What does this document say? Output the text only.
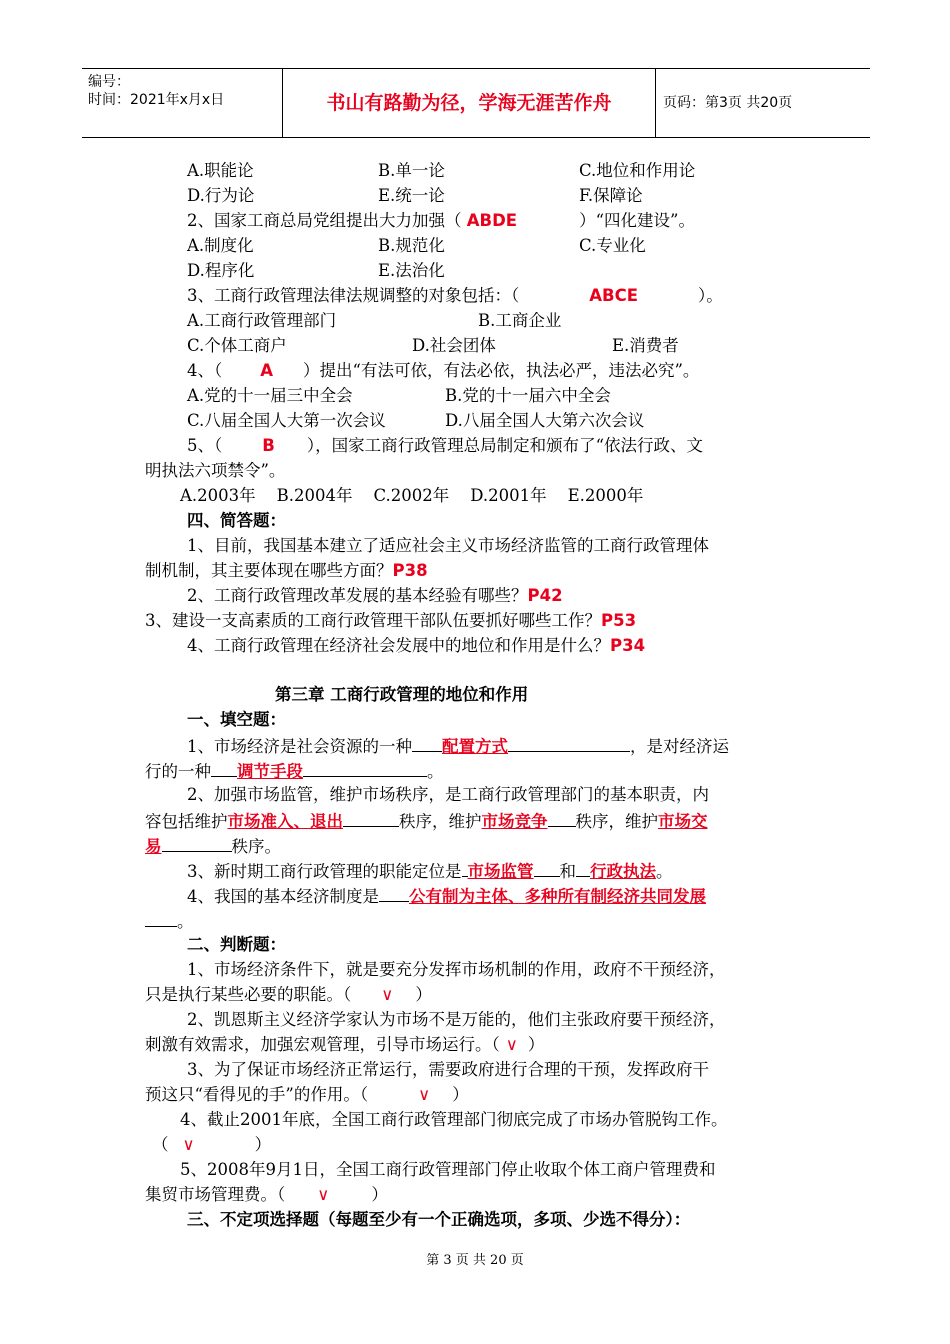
编号：
时间：2021年x月x日	书山有路勤为径，学海无涯苦作舟	页码：第3页 共20页
A.职能论	B.单一论	C.地位和作用论
D.行为论	E.统一论	F.保障论
2、国家工商总局党组提出大力加强（ ABDE	）“四化建设”。
A.制度化	B.规范化	C.专业化
D.程序化	E.法治化
3、工商行政管理法律法规调整的对象包括：（	ABCE	）。
A.工商行政管理部门	B.工商企业
C.个体工商户	D.社会团体	E.消费者
4、（ A ）提出“有法可依，有法必依，执法必严，违法必究”。
A.党的十一届三中全会	B.党的十一届六中全会
C.八届全国人大第一次会议	D.八届全国人大第六次会议
5、（ B ），国家工商行政管理总局制定和颁布了“依法行政、文
明执法六项禁令”。
A.2003年    B.2004年    C.2002年    D.2001年    E.2000年
四、简答题：
1、目前，我国基本建立了适应社会主义市场经济监管的工商行政管理体
制机制，其主要体现在哪些方面？P38
2、工商行政管理改革发展的基本经验有哪些？P42
3、建设一支高素质的工商行政管理干部队伍要抓好哪些工作？P53
4、工商行政管理在经济社会发展中的地位和作用是什么？P34
第三章 工商行政管理的地位和作用
一、填空题：
1、市场经济是社会资源的一种 配置方式	，是对经济运
行的一种 调节手段	。
2、加强市场监管，维护市场秩序，是工商行政管理部门的基本职责，内
容包括维护市场准入、退出	秩序，维护市场竞争 秩序，维护市场交
易	秩序。
3、新时期工商行政管理的职能定位是 市场监管 和 行政执法。
4、我国的基本经济制度是 公有制为主体、多种所有制经济共同发展
。
二、判断题：
1、市场经济条件下，就是要充分发挥市场机制的作用，政府不干预经济，
只是执行某些必要的职能。（ ∨ ）
2、凯恩斯主义经济学家认为市场不是万能的，他们主张政府要干预经济，
刺激有效需求，加强宏观管理，引导市场运行。（ ∨ ）
3、为了保证市场经济正常运行，需要政府进行合理的干预，发挥政府干
预这只“看得见的手”的作用。（	∨ ）
4、截止2001年底，全国工商行政管理部门彻底完成了市场办管脱钩工作。
（ ∨	）
5、2008年9月1日，全国工商行政管理部门停止收取个体工商户管理费和
集贸市场管理费。（ ∨	）
三、不定项选择题（每题至少有一个正确选项，多项、少选不得分）：
第 3 页 共 20 页
